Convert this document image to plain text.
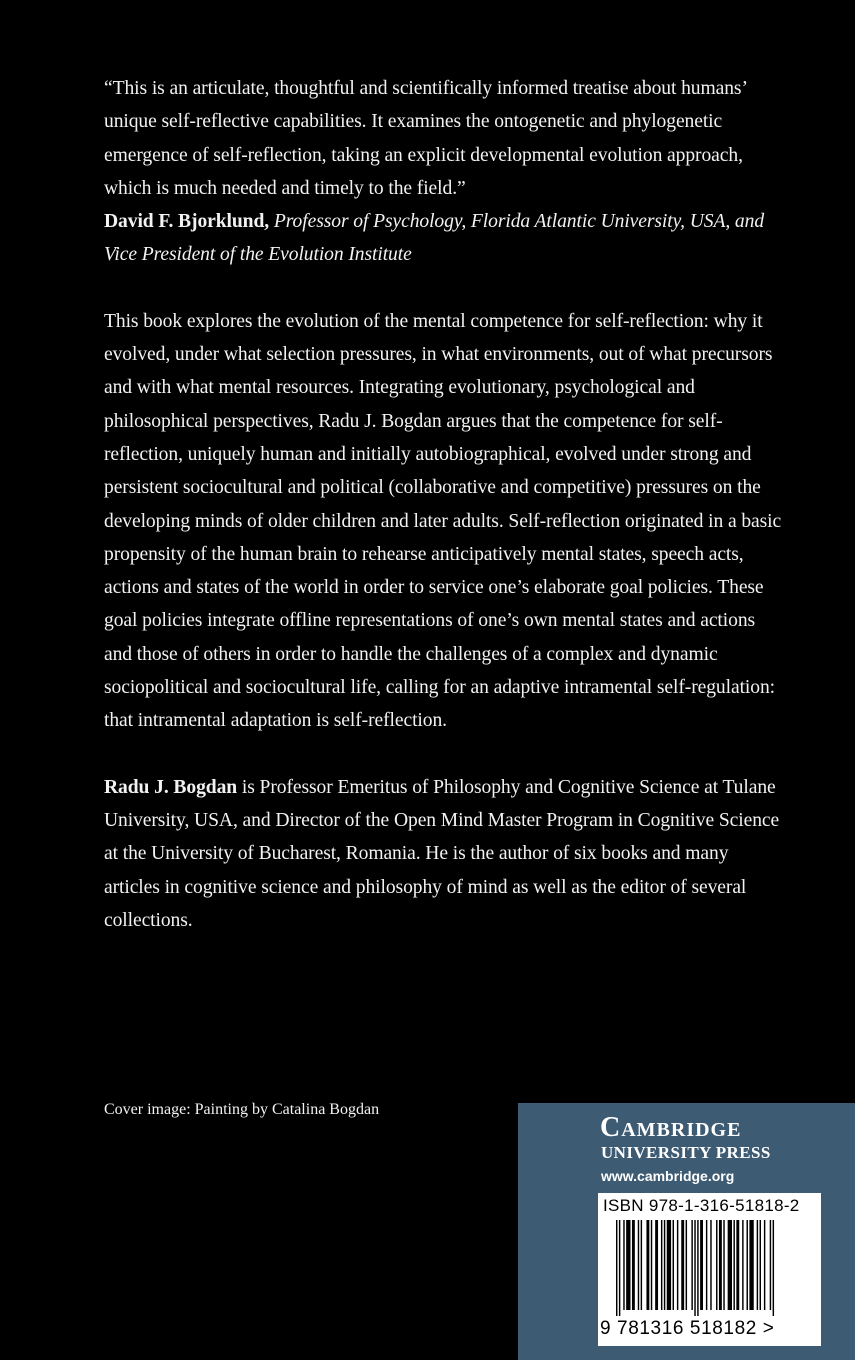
“This is an articulate, thoughtful and scientifically informed treatise about humans’ unique self-reflective capabilities. It examines the ontogenetic and phylogenetic emergence of self-reflection, taking an explicit developmental evolution approach, which is much needed and timely to the field.”

David F. Bjorklund, Professor of Psychology, Florida Atlantic University, USA, and Vice President of the Evolution Institute

This book explores the evolution of the mental competence for self-reflection: why it evolved, under what selection pressures, in what environments, out of what precursors and with what mental resources. Integrating evolutionary, psychological and philosophical perspectives, Radu J. Bogdan argues that the competence for self-reflection, uniquely human and initially autobiographical, evolved under strong and persistent sociocultural and political (collaborative and competitive) pressures on the developing minds of older children and later adults. Self-reflection originated in a basic propensity of the human brain to rehearse anticipatively mental states, speech acts, actions and states of the world in order to service one’s elaborate goal policies. These goal policies integrate offline representations of one’s own mental states and actions and those of others in order to handle the challenges of a complex and dynamic sociopolitical and sociocultural life, calling for an adaptive intramental self-regulation: that intramental adaptation is self-reflection.

Radu J. Bogdan is Professor Emeritus of Philosophy and Cognitive Science at Tulane University, USA, and Director of the Open Mind Master Program in Cognitive Science at the University of Bucharest, Romania. He is the author of six books and many articles in cognitive science and philosophy of mind as well as the editor of several collections.

Cover image: Painting by Catalina Bogdan
Cambridge
UNIVERSITY PRESS
www.cambridge.org
ISBN 978-1-316-51818-2
9 781316 518182 >
